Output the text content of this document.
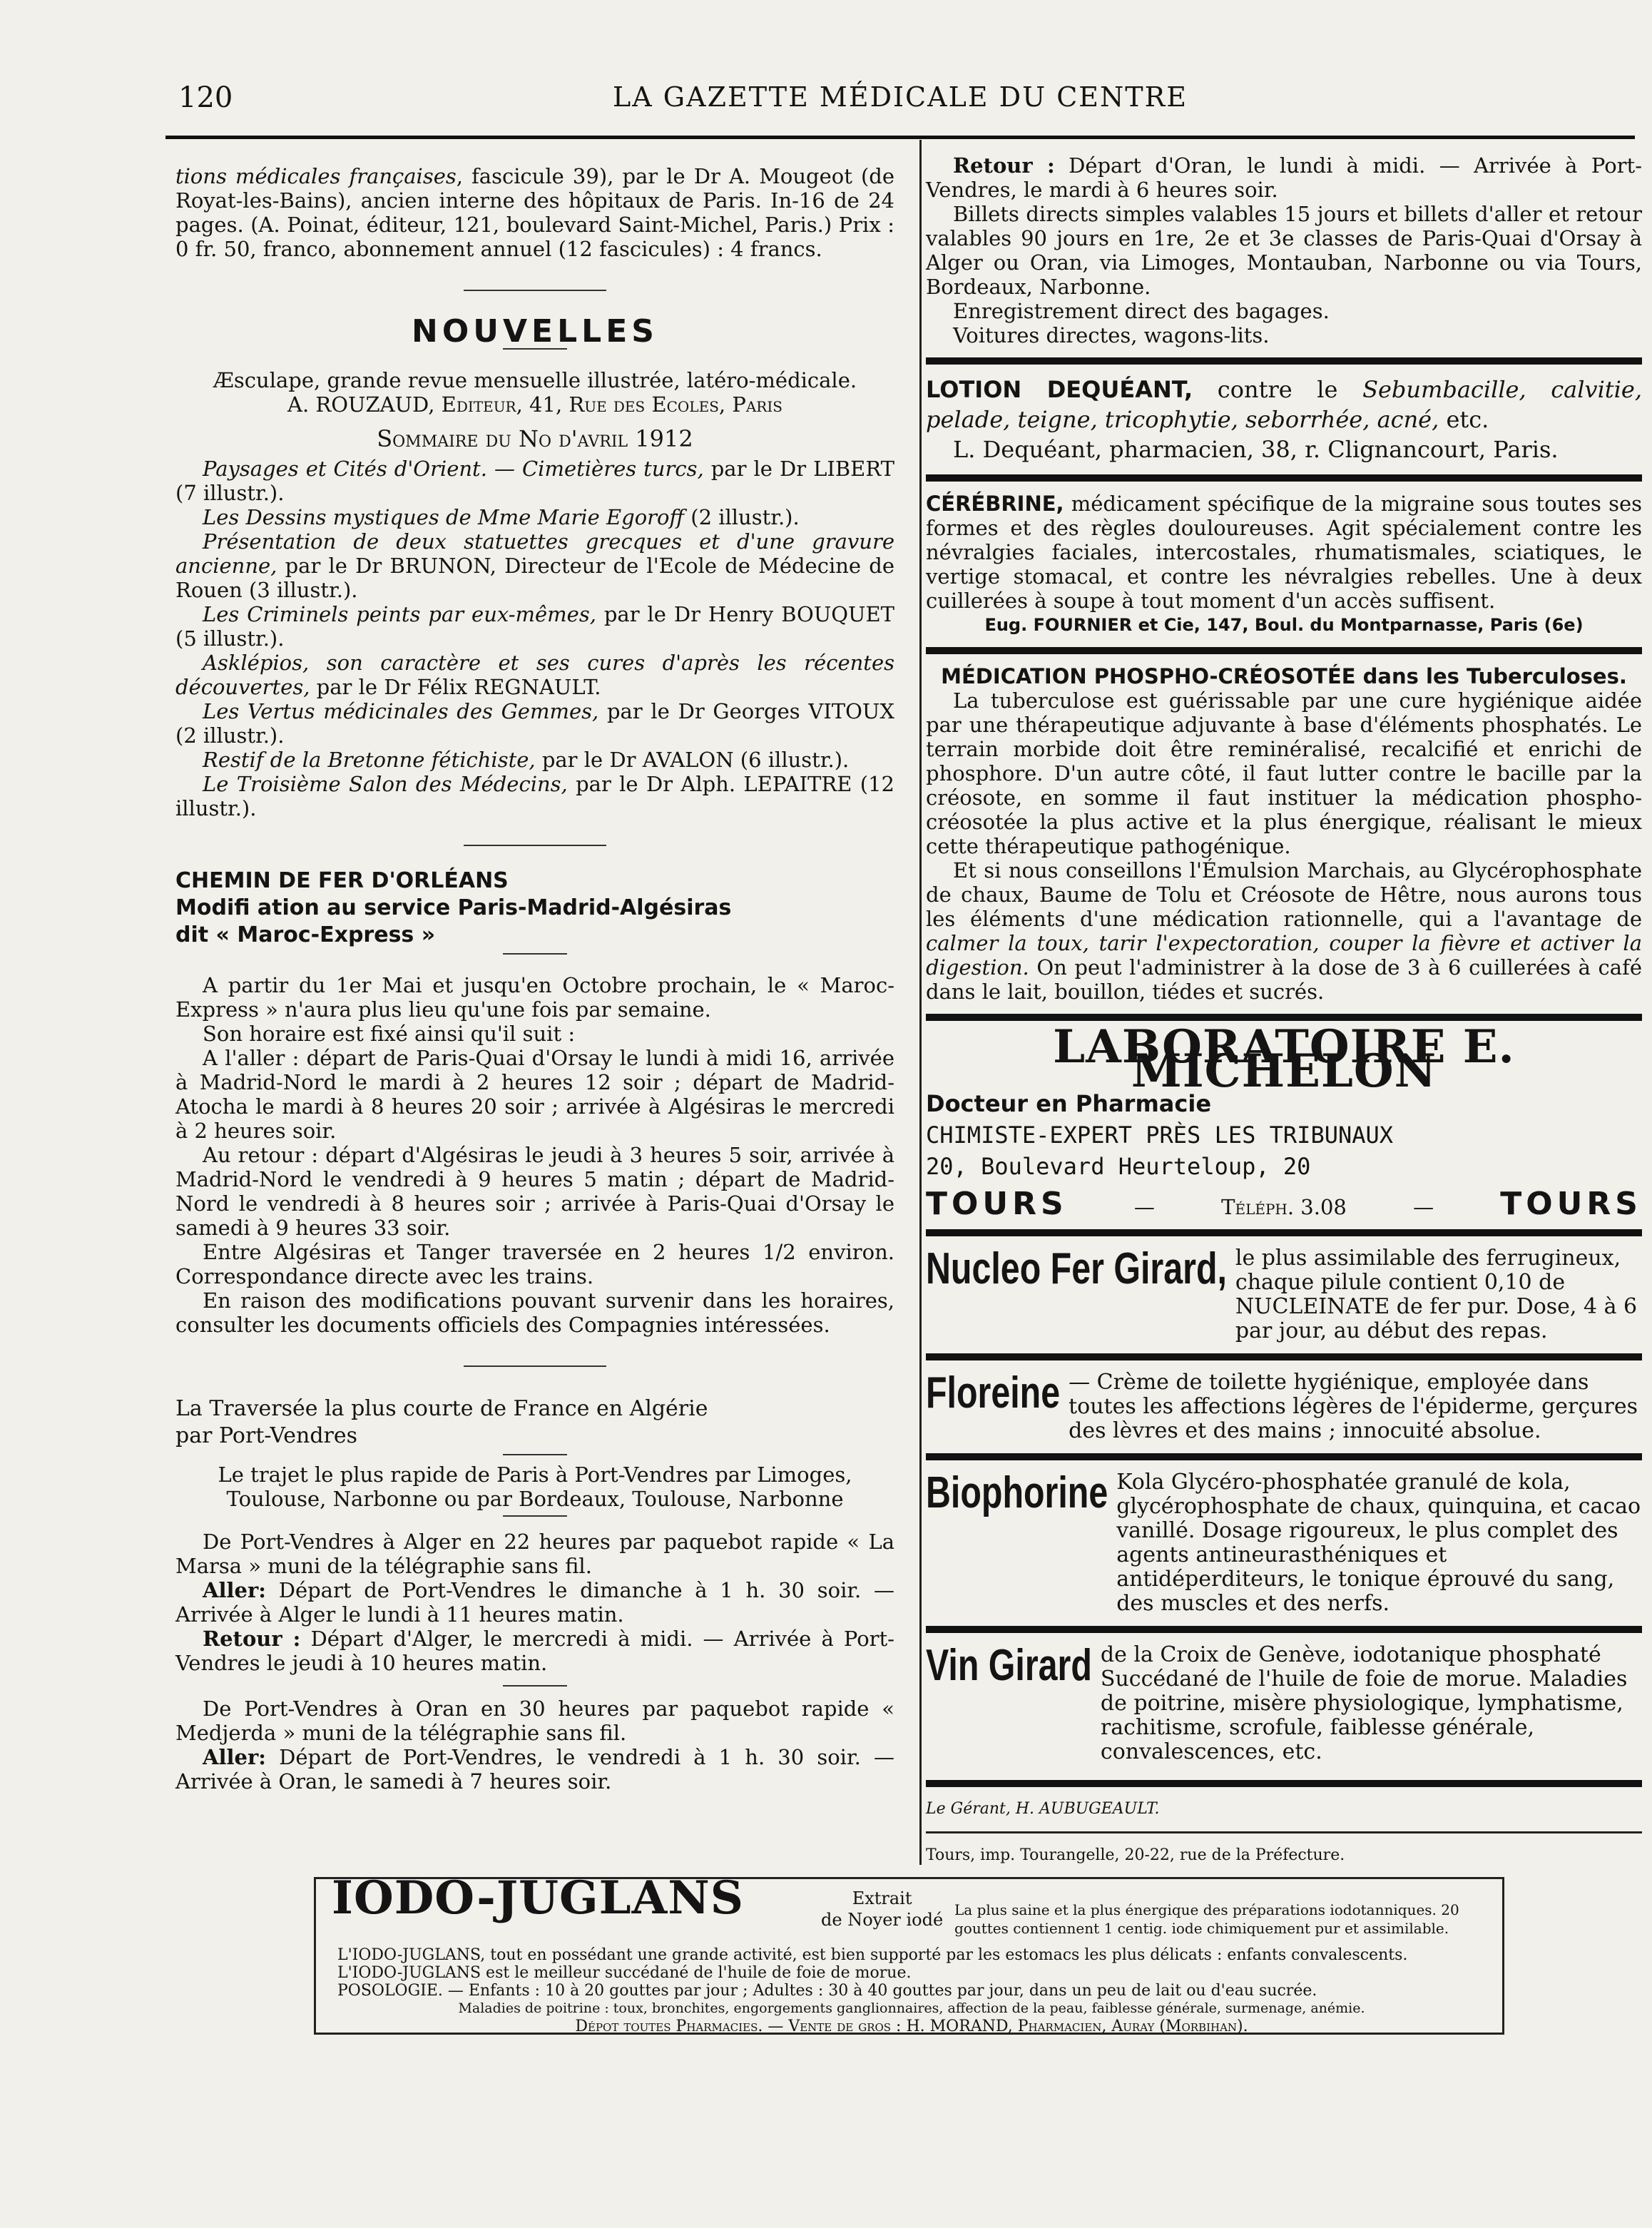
120	LA GAZETTE MÉDICALE DU CENTRE

tions médicales françaises, fascicule 39), par le Dr A. Mougeot (de Royat-les-Bains), ancien interne des hôpitaux de Paris. In-16 de 24 pages. (A. Poinat, éditeur, 121, boulevard Saint-Michel, Paris.) Prix : 0 fr. 50, franco, abonnement annuel (12 fascicules) : 4 francs.

NOUVELLES

Æsculape, grande revue mensuelle illustrée, latéro-médicale.

A. ROUZAUD, Editeur, 41, Rue des Ecoles, Paris

Sommaire du No d'avril 1912

Paysages et Cités d'Orient. — Cimetières turcs, par le Dr LIBERT (7 illustr.).

Les Dessins mystiques de Mme Marie Egoroff (2 illustr.).

Présentation de deux statuettes grecques et d'une gravure ancienne, par le Dr BRUNON, Directeur de l'Ecole de Médecine de Rouen (3 illustr.).

Les Criminels peints par eux-mêmes, par le Dr Henry BOUQUET (5 illustr.).

Asklépios, son caractère et ses cures d'après les récentes découvertes, par le Dr Félix REGNAULT.

Les Vertus médicinales des Gemmes, par le Dr Georges VITOUX (2 illustr.).

Restif de la Bretonne fétichiste, par le Dr AVALON (6 illustr.).

Le Troisième Salon des Médecins, par le Dr Alph. LEPAITRE (12 illustr.).

CHEMIN DE FER D'ORLÉANS

Modifi ation au service Paris-Madrid-Algésiras

dit « Maroc-Express »

A partir du 1er Mai et jusqu'en Octobre prochain, le « Maroc-Express » n'aura plus lieu qu'une fois par semaine.

Son horaire est fixé ainsi qu'il suit :

A l'aller : départ de Paris-Quai d'Orsay le lundi à midi 16, arrivée à Madrid-Nord le mardi à 2 heures 12 soir ; départ de Madrid-Atocha le mardi à 8 heures 20 soir ; arrivée à Algésiras le mercredi à 2 heures soir.

Au retour : départ d'Algésiras le jeudi à 3 heures 5 soir, arrivée à Madrid-Nord le vendredi à 9 heures 5 matin ; départ de Madrid-Nord le vendredi à 8 heures soir ; arrivée à Paris-Quai d'Orsay le samedi à 9 heures 33 soir.

Entre Algésiras et Tanger traversée en 2 heures 1/2 environ. Correspondance directe avec les trains.

En raison des modifications pouvant survenir dans les horaires, consulter les documents officiels des Compagnies intéressées.

La Traversée la plus courte de France en Algérie

par Port-Vendres

Le trajet le plus rapide de Paris à Port-Vendres par Limoges,

Toulouse, Narbonne ou par Bordeaux, Toulouse, Narbonne

De Port-Vendres à Alger en 22 heures par paquebot rapide « La Marsa » muni de la télégraphie sans fil.

Aller: Départ de Port-Vendres le dimanche à 1 h. 30 soir. — Arrivée à Alger le lundi à 11 heures matin.

Retour : Départ d'Alger, le mercredi à midi. — Arrivée à Port-Vendres le jeudi à 10 heures matin.

De Port-Vendres à Oran en 30 heures par paquebot rapide « Medjerda » muni de la télégraphie sans fil.

Aller: Départ de Port-Vendres, le vendredi à 1 h. 30 soir. — Arrivée à Oran, le samedi à 7 heures soir.

Retour : Départ d'Oran, le lundi à midi. — Arrivée à Port-Vendres, le mardi à 6 heures soir.

Billets directs simples valables 15 jours et billets d'aller et retour valables 90 jours en 1re, 2e et 3e classes de Paris-Quai d'Orsay à Alger ou Oran, via Limoges, Montauban, Narbonne ou via Tours, Bordeaux, Narbonne.

Enregistrement direct des bagages.

Voitures directes, wagons-lits.

LOTION DEQUÉANT, contre le Sebumbacille, calvitie, pelade, teigne, tricophytie, seborrhée, acné, etc.

L. Dequéant, pharmacien, 38, r. Clignancourt, Paris.

CÉRÉBRINE, médicament spécifique de la migraine sous toutes ses formes et des règles douloureuses. Agit spécialement contre les névralgies faciales, intercostales, rhumatismales, sciatiques, le vertige stomacal, et contre les névralgies rebelles. Une à deux cuillerées à soupe à tout moment d'un accès suffisent.

Eug. FOURNIER et Cie, 147, Boul. du Montparnasse, Paris (6e)

MÉDICATION PHOSPHO-CRÉOSOTÉE dans les Tuberculoses.

La tuberculose est guérissable par une cure hygiénique aidée par une thérapeutique adjuvante à base d'éléments phosphatés. Le terrain morbide doit être reminéralisé, recalcifié et enrichi de phosphore. D'un autre côté, il faut lutter contre le bacille par la créosote, en somme il faut instituer la médication phospho-créosotée la plus active et la plus énergique, réalisant le mieux cette thérapeutique pathogénique.

Et si nous conseillons l'Émulsion Marchais, au Glycérophosphate de chaux, Baume de Tolu et Créosote de Hêtre, nous aurons tous les éléments d'une médication rationnelle, qui a l'avantage de calmer la toux, tarir l'expectoration, couper la fièvre et activer la digestion. On peut l'administrer à la dose de 3 à 6 cuillerées à café dans le lait, bouillon, tiédes et sucrés.

LABORATOIRE E. MICHELON

Docteur en Pharmacie

CHIMISTE-EXPERT PRÈS LES TRIBUNAUX

20, Boulevard Heurteloup, 20

TOURS	—	Téléph. 3.08	— TOURS
Nucleo Fer Girard, le plus assimilable des ferrugineux, chaque pilule contient 0,10 de NUCLEINATE de fer pur. Dose, 4 à 6 par jour, au début des repas.
Floreine — Crème de toilette hygiénique, employée dans toutes les affections légères de l'épiderme, gerçures des lèvres et des mains ; innocuité absolue.
Biophorine Kola Glycéro-phosphatée granulé de kola, glycérophosphate de chaux, quinquina, et cacao vanillé. Dosage rigoureux, le plus complet des agents antineurasthéniques et antidéperditeurs, le tonique éprouvé du sang, des muscles et des nerfs.
Vin Girard de la Croix de Genève, iodotanique phosphaté Succédané de l'huile de foie de morue. Maladies de poitrine, misère physiologique, lymphatisme, rachitisme, scrofule, faiblesse générale, convalescences, etc.

Le Gérant, H. AUBUGEAULT.

Tours, imp. Tourangelle, 20-22, rue de la Préfecture.

IODO-JUGLANS	Extrait
de Noyer iodé La plus saine et la plus énergique des préparations iodotanniques. 20 gouttes contiennent 1 centig. iode chimiquement pur et assimilable.

L'IODO-JUGLANS, tout en possédant une grande activité, est bien supporté par les estomacs les plus délicats : enfants convalescents.

L'IODO-JUGLANS est le meilleur succédané de l'huile de foie de morue.

POSOLOGIE. — Enfants : 10 à 20 gouttes par jour ; Adultes : 30 à 40 gouttes par jour, dans un peu de lait ou d'eau sucrée.

Maladies de poitrine : toux, bronchites, engorgements ganglionnaires, affection de la peau, faiblesse générale, surmenage, anémie.

Dépot toutes Pharmacies. — Vente de gros : H. MORAND, Pharmacien, Auray (Morbihan).
